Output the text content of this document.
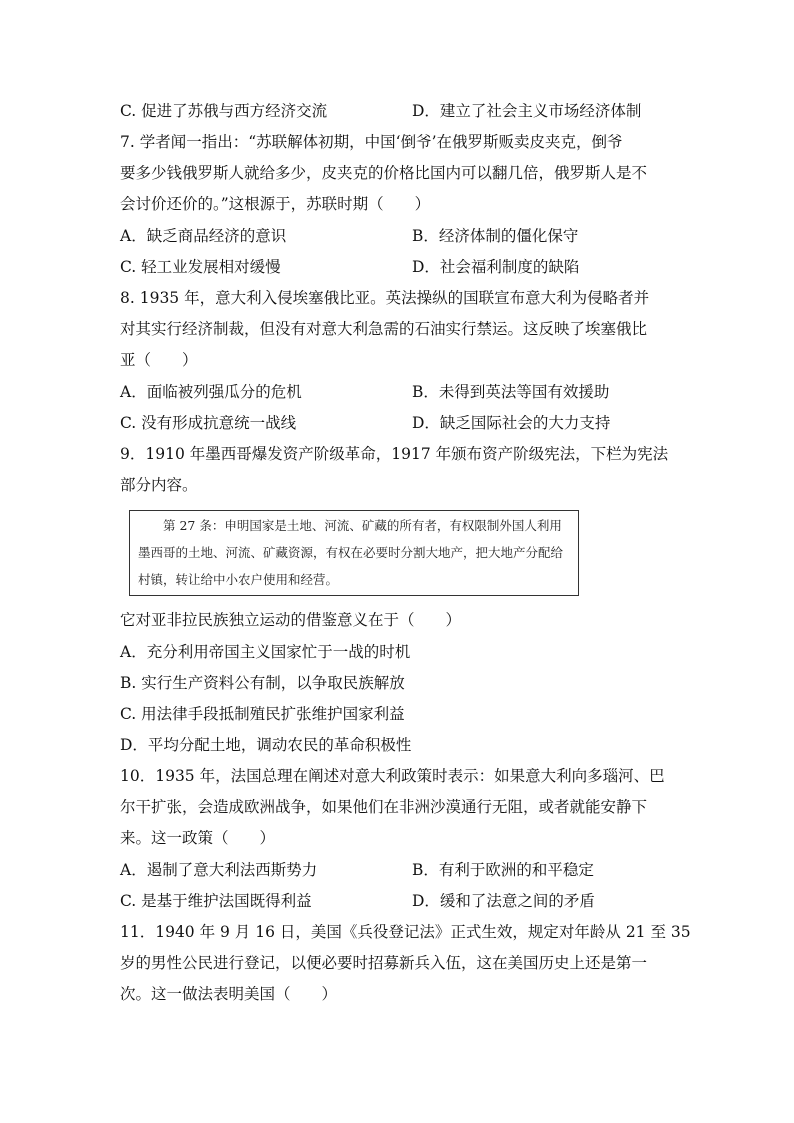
C. 促进了苏俄与西方经济交流	D．建立了社会主义市场经济体制
7. 学者闻一指出：“苏联解体初期，中国‘倒爷’在俄罗斯贩卖皮夹克，倒爷
要多少钱俄罗斯人就给多少，皮夹克的价格比国内可以翻几倍，俄罗斯人是不
会讨价还价的。”这根源于，苏联时期（　　）
A．缺乏商品经济的意识	B．经济体制的僵化保守
C. 轻工业发展相对缓慢	D．社会福利制度的缺陷
8. 1935 年，意大利入侵埃塞俄比亚。英法操纵的国联宣布意大利为侵略者并
对其实行经济制裁，但没有对意大利急需的石油实行禁运。这反映了埃塞俄比
亚（　　）
A．面临被列强瓜分的危机	B．未得到英法等国有效援助
C. 没有形成抗意统一战线	D．缺乏国际社会的大力支持
9．1910 年墨西哥爆发资产阶级革命，1917 年颁布资产阶级宪法，下栏为宪法
部分内容。
　　第 27 条：申明国家是土地、河流、矿藏的所有者，有权限制外国人利用
墨西哥的土地、河流、矿藏资源，有权在必要时分割大地产，把大地产分配给
村镇，转让给中小农户使用和经营。
它对亚非拉民族独立运动的借鉴意义在于（　　）
A．充分利用帝国主义国家忙于一战的时机
B. 实行生产资料公有制，以争取民族解放
C. 用法律手段抵制殖民扩张维护国家利益
D．平均分配土地，调动农民的革命积极性
10．1935 年，法国总理在阐述对意大利政策时表示：如果意大利向多瑙河、巴
尔干扩张，会造成欧洲战争，如果他们在非洲沙漠通行无阻，或者就能安静下
来。这一政策（　　）
A．遏制了意大利法西斯势力	B．有利于欧洲的和平稳定
C. 是基于维护法国既得利益	D．缓和了法意之间的矛盾
11．1940 年 9 月 16 日，美国《兵役登记法》正式生效，规定对年龄从 21 至 35
岁的男性公民进行登记，以便必要时招募新兵入伍，这在美国历史上还是第一
次。这一做法表明美国（　　）
